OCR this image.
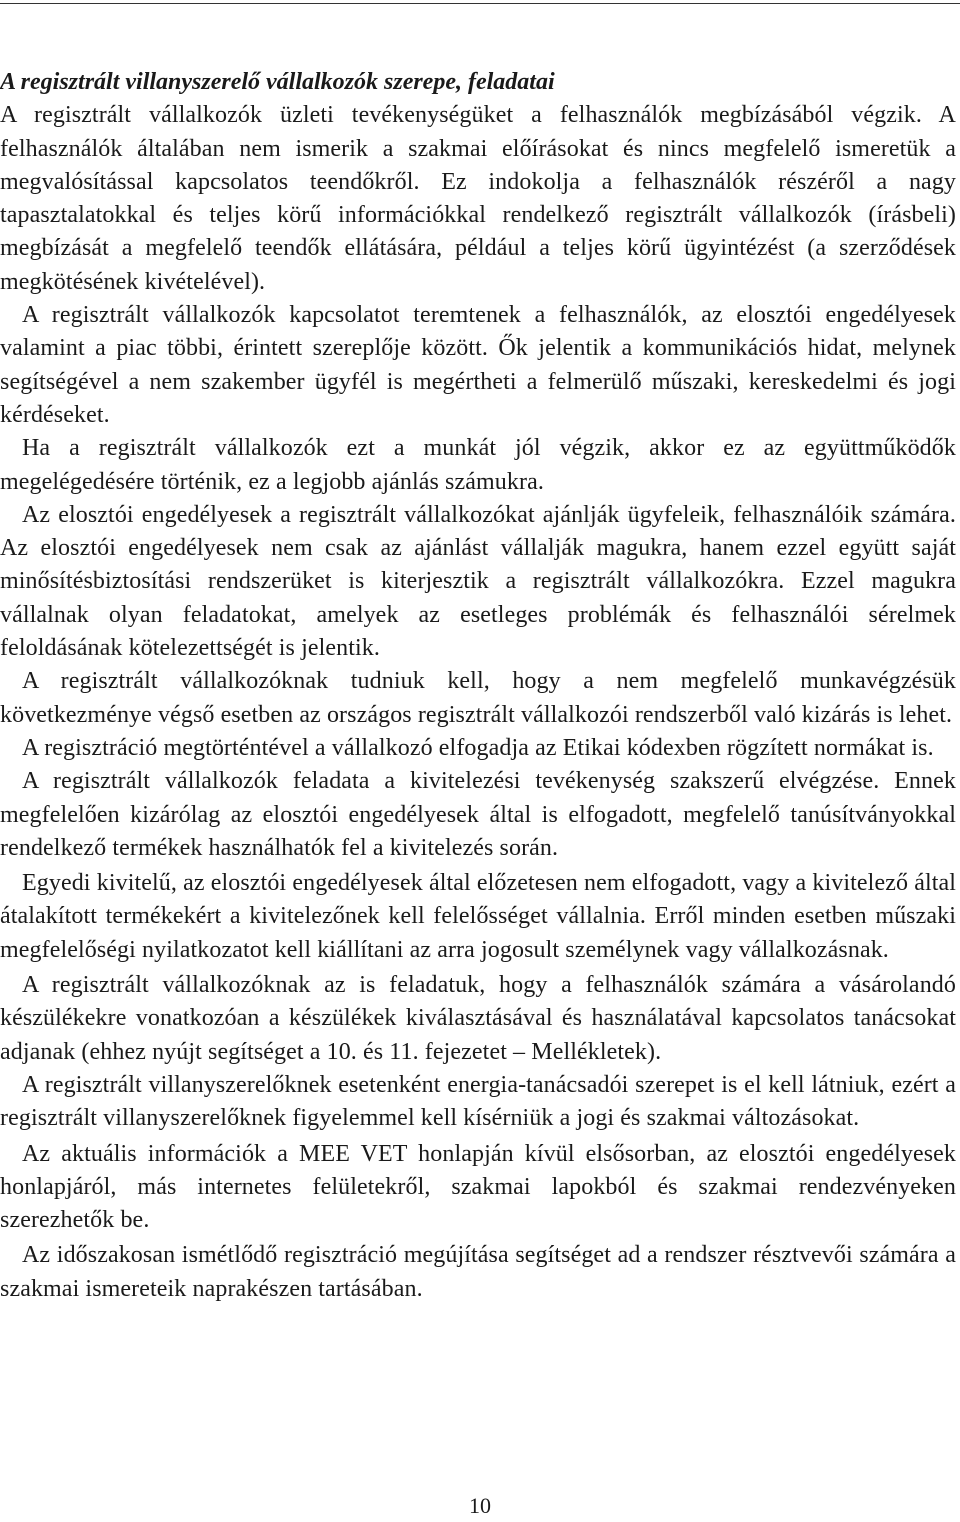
A regisztrált villanyszerelő vállalkozók szerepe, feladatai

A regisztrált vállalkozók üzleti tevékenységüket a felhasználók megbízásából végzik. A felhasználók általában nem ismerik a szakmai előírásokat és nincs megfelelő ismeretük a megvalósítással kapcsolatos teendőkről. Ez indokolja a felhasználók részéről a nagy tapasztalatokkal és teljes körű információkkal rendelkező regisztrált vállalkozók (írásbeli) megbízását a megfelelő teendők ellátására, például a teljes körű ügyintézést (a szerződések megkötésének kivételével).

A regisztrált vállalkozók kapcsolatot teremtenek a felhasználók, az elosztói engedélyesek valamint a piac többi, érintett szereplője között. Ők jelentik a kommunikációs hidat, melynek segítségével a nem szakember ügyfél is megértheti a felmerülő műszaki, kereskedelmi és jogi kérdéseket.

Ha a regisztrált vállalkozók ezt a munkát jól végzik, akkor ez az együttműködők megelégedésére történik, ez a legjobb ajánlás számukra.

Az elosztói engedélyesek a regisztrált vállalkozókat ajánlják ügyfeleik, felhasználóik számára. Az elosztói engedélyesek nem csak az ajánlást vállalják magukra, hanem ezzel együtt saját minősítésbiztosítási rendszerüket is kiterjesztik a regisztrált vállalkozókra. Ezzel magukra vállalnak olyan feladatokat, amelyek az esetleges problémák és felhasználói sérelmek feloldásának kötelezettségét is jelentik.

A regisztrált vállalkozóknak tudniuk kell, hogy a nem megfelelő munkavégzésük következménye végső esetben az országos regisztrált vállalkozói rendszerből való kizárás is lehet.

A regisztráció megtörténtével a vállalkozó elfogadja az Etikai kódexben rögzített normákat is.

A regisztrált vállalkozók feladata a kivitelezési tevékenység szakszerű elvégzése. Ennek megfelelően kizárólag az elosztói engedélyesek által is elfogadott, megfelelő tanúsítványokkal rendelkező termékek használhatók fel a kivitelezés során.

Egyedi kivitelű, az elosztói engedélyesek által előzetesen nem elfogadott, vagy a kivitelező által átalakított termékekért a kivitelezőnek kell felelősséget vállalnia. Erről minden esetben műszaki megfelelőségi nyilatkozatot kell kiállítani az arra jogosult személynek vagy vállalkozásnak.

A regisztrált vállalkozóknak az is feladatuk, hogy a felhasználók számára a vásárolandó készülékekre vonatkozóan a készülékek kiválasztásával és használatával kapcsolatos tanácsokat adjanak (ehhez nyújt segítséget a 10. és 11. fejezetet – Mellékletek).

A regisztrált villanyszerelőknek esetenként energia-tanácsadói szerepet is el kell látniuk, ezért a regisztrált villanyszerelőknek figyelemmel kell kísérniük a jogi és szakmai változásokat.

Az aktuális információk a MEE VET honlapján kívül elsősorban, az elosztói engedélyesek honlapjáról, más internetes felületekről, szakmai lapokból és szakmai rendezvényeken szerezhetők be.

Az időszakosan ismétlődő regisztráció megújítása segítséget ad a rendszer résztvevői számára a szakmai ismereteik naprakészen tartásában.

10
